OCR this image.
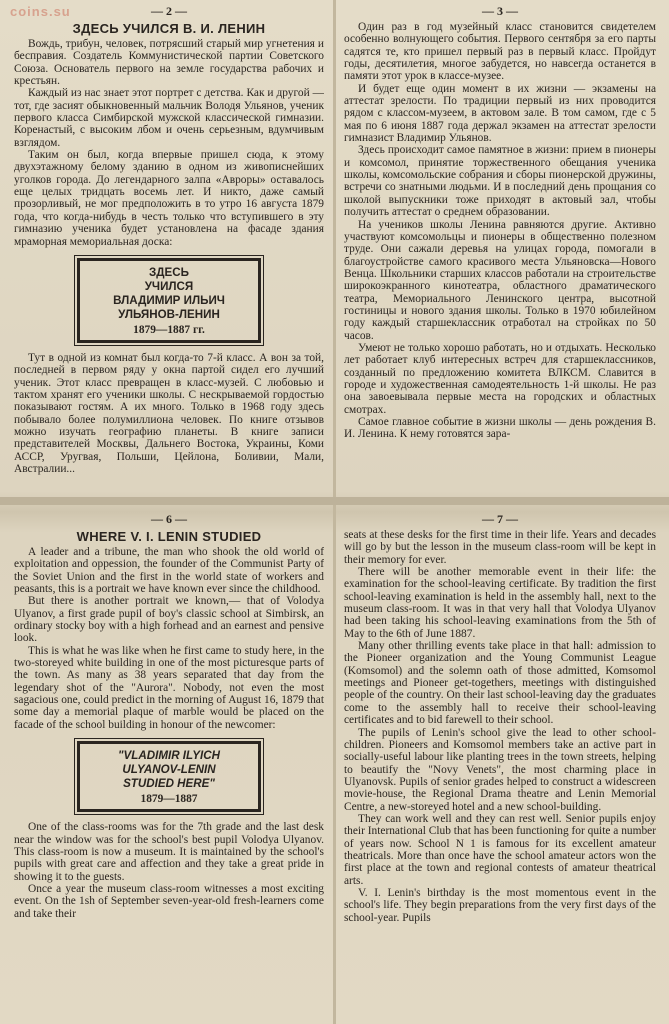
coins.su	— 2 —
ЗДЕСЬ УЧИЛСЯ В. И. ЛЕНИН

Вождь, трибун, человек, потрясший старый мир угнетения и бесправия. Создатель Коммунистической партии Советского Союза. Основатель первого на земле государства рабочих и крестьян.

Каждый из нас знает этот портрет с детства. Как и другой — тот, где засият обыкновенный мальчик Володя Ульянов, ученик первого класса Симбирской мужской классической гимназии. Коренастый, с высоким лбом и очень серьезным, вдумчивым взглядом.

Таким он был, когда впервые пришел сюда, к этому двухэтажному белому зданию в одном из живописнейших уголков города. До легендарного залпа «Авроры» оставалось еще целых тридцать восемь лет. И никто, даже самый прозорливый, не мог предположить в то утро 16 августа 1879 года, что когда-нибудь в честь только что вступившего в эту гимназию ученика будет установлена на фасаде здания мраморная мемориальная доска:

ЗДЕСЬ
УЧИЛСЯ
ВЛАДИМИР ИЛЬИЧ
УЛЬЯНОВ-ЛЕНИН
1879—1887 гг.

Тут в одной из комнат был когда-то 7-й класс. А вон за той, последней в первом ряду у окна партой сидел его лучший ученик. Этот класс превращен в класс-музей. С любовью и тактом хранят его ученики школы. С нескрываемой гордостью показывают гостям. А их много. Только в 1968 году здесь побывало более полумиллиона человек. По книге отзывов можно изучать географию планеты. В книге записи представителей Москвы, Дальнего Востока, Украины, Коми АССР, Уругвая, Польши, Цейлона, Боливии, Мали, Австралии...

— 3 —

Один раз в год музейный класс становится свидетелем особенно волнующего события. Первого сентября за его парты садятся те, кто пришел первый раз в первый класс. Пройдут годы, десятилетия, многое забудется, но навсегда останется в памяти этот урок в классе-музее.

И будет еще один момент в их жизни — экзамены на аттестат зрелости. По традиции первый из них проводится рядом с классом-музеем, в актовом зале. В том самом, где с 5 мая по 6 июня 1887 года держал экзамен на аттестат зрелости гимназист Владимир Ульянов.

Здесь происходит самое памятное в жизни: прием в пионеры и комсомол, принятие торжественного обещания ученика школы, комсомольские собрания и сборы пионерской дружины, встречи со знатными людьми. И в последний день прощания со школой выпускники тоже приходят в актовый зал, чтобы получить аттестат о среднем образовании.

На учеников школы Ленина равняются другие. Активно участвуют комсомольцы и пионеры в общественно полезном труде. Они сажали деревья на улицах города, помогали в благоустройстве самого красивого места Ульяновска—Нового Венца. Школьники старших классов работали на строительстве широкоэкранного кинотеатра, областного драматического театра, Мемориального Ленинского центра, высотной гостиницы и нового здания школы. Только в 1970 юбилейном году каждый старшеклассник отработал на стройках по 50 часов.

Умеют не только хорошо работать, но и отдыхать. Несколько лет работает клуб интересных встреч для старшеклассников, созданный по предложению комитета ВЛКСМ. Славится в городе и художественная самодеятельность 1-й школы. Не раз она завоевывала первые места на городских и областных смотрах.

Самое главное событие в жизни школы — день рождения В. И. Ленина. К нему готовятся зара-

— 6 —
WHERE V. I. LENIN STUDIED

A leader and a tribune, the man who shook the old world of exploitation and oppession, the founder of the Communist Party of the Soviet Union and the first in the world state of workers and peasants, this is a portrait we have known ever since the childhood.

But there is another portrait we known,— that of Volodya Ulyanov, a first grade pupil of boy's classic school at Simbirsk, an ordinary stocky boy with a high forhead and an earnest and pensive look.

This is what he was like when he first came to study here, in the two-storeyed white building in one of the most picturesque parts of the town. As many as 38 years separated that day from the legendary shot of the "Aurora". Nobody, not even the most sagacious one, could predict in the morning of August 16, 1879 that some day a memorial plaque of marble would be placed on the facade of the school building in honour of the newcomer:

"VLADIMIR ILYICH
ULYANOV-LENIN
STUDIED HERE"
1879—1887

One of the class-rooms was for the 7th grade and the last desk near the window was for the school's best pupil Volodya Ulyanov. This class-room is now a museum. It is maintained by the school's pupils with great care and affection and they take a great pride in showing it to the guests.

Once a year the museum class-room witnesses a most exciting event. On the 1sh of September seven-year-old fresh-learners come and take their

— 7 —

seats at these desks for the first time in their life. Years and decades will go by but the lesson in the museum class-room will be kept in their memory for ever.

There will be another memorable event in their life: the examination for the school-leaving certificate. By tradition the first school-leaving examination is held in the assembly hall, next to the museum class-room. It was in that very hall that Volodya Ulyanov had been taking his school-leaving examinations from the 5th of May to the 6th of June 1887.

Many other thrilling events take place in that hall: admission to the Pioneer organization and the Young Communist League (Komsomol) and the solemn oath of those admitted, Komsomol meetings and Pioneer get-togethers, meetings with distinguished people of the country. On their last school-leaving day the graduates come to the assembly hall to receive their school-leaving certificates and to bid farewell to their school.

The pupils of Lenin's school give the lead to other school-children. Pioneers and Komsomol members take an active part in socially-useful labour like planting trees in the town streets, helping to beautify the "Novy Venets", the most charming place in Ulyanovsk. Pupils of senior grades helped to construct a widescreen movie-house, the Regional Drama theatre and Lenin Memorial Centre, a new-storeyed hotel and a new school-building.

They can work well and they can rest well. Senior pupils enjoy their International Club that has been functioning for quite a number of years now. School N 1 is famous for its excellent amateur theatricals. More than once have the school amateur actors won the first place at the town and regional contests of amateur theatrical arts.

V. I. Lenin's birthday is the most momentous event in the school's life. They begin preparations from the very first days of the school-year. Pupils
